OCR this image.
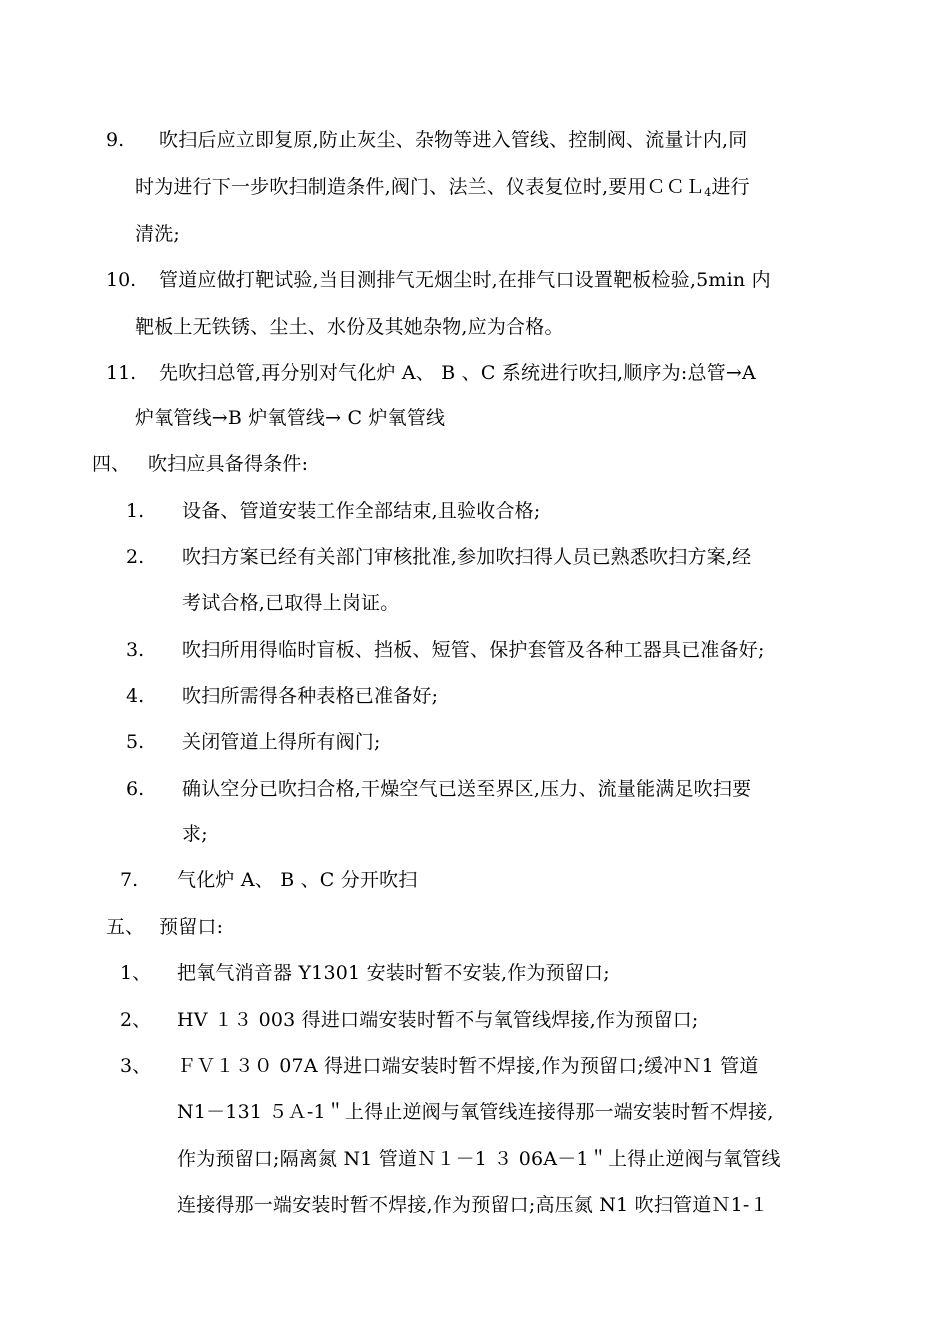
9. 吹扫后应立即复原,防止灰尘、杂物等进入管线、控制阀、流量计内,同
时为进行下一步吹扫制造条件,阀门、法兰、仪表复位时,要用ＣＣＬ$_4$进行
清洗;
10. 管道应做打靶试验,当目测排气无烟尘时,在排气口设置靶板检验,5min 内
靶板上无铁锈、尘土、水份及其她杂物,应为合格。
11. 先吹扫总管,再分别对气化炉 A、 B 、C 系统进行吹扫,顺序为:总管→A
炉氧管线→B 炉氧管线→ C 炉氧管线
四、 吹扫应具备得条件:
1. 设备、管道安装工作全部结束,且验收合格;
2. 吹扫方案已经有关部门审核批准,参加吹扫得人员已熟悉吹扫方案,经
考试合格,已取得上岗证。
3. 吹扫所用得临时盲板、挡板、短管、保护套管及各种工器具已准备好;
4. 吹扫所需得各种表格已准备好;
5. 关闭管道上得所有阀门;
6. 确认空分已吹扫合格,干燥空气已送至界区,压力、流量能满足吹扫要
求;
7. 气化炉 A、 B 、C 分开吹扫
五、 预留口:
1、 把氧气消音器 Y1301 安装时暂不安装,作为预留口;
2、 HV １３ 003 得进口端安装时暂不与氧管线焊接,作为预留口;
3、 ＦＶ１３０ 07A 得进口端安装时暂不焊接,作为预留口;缓冲Ｎ1 管道
N1－131 ５Ａ-1＂上得止逆阀与氧管线连接得那一端安装时暂不焊接,
作为预留口;隔离氮 N1 管道Ｎ１－1 ３ 06A－1＂上得止逆阀与氧管线
连接得那一端安装时暂不焊接,作为预留口;高压氮 N1 吹扫管道Ｎ1-１
